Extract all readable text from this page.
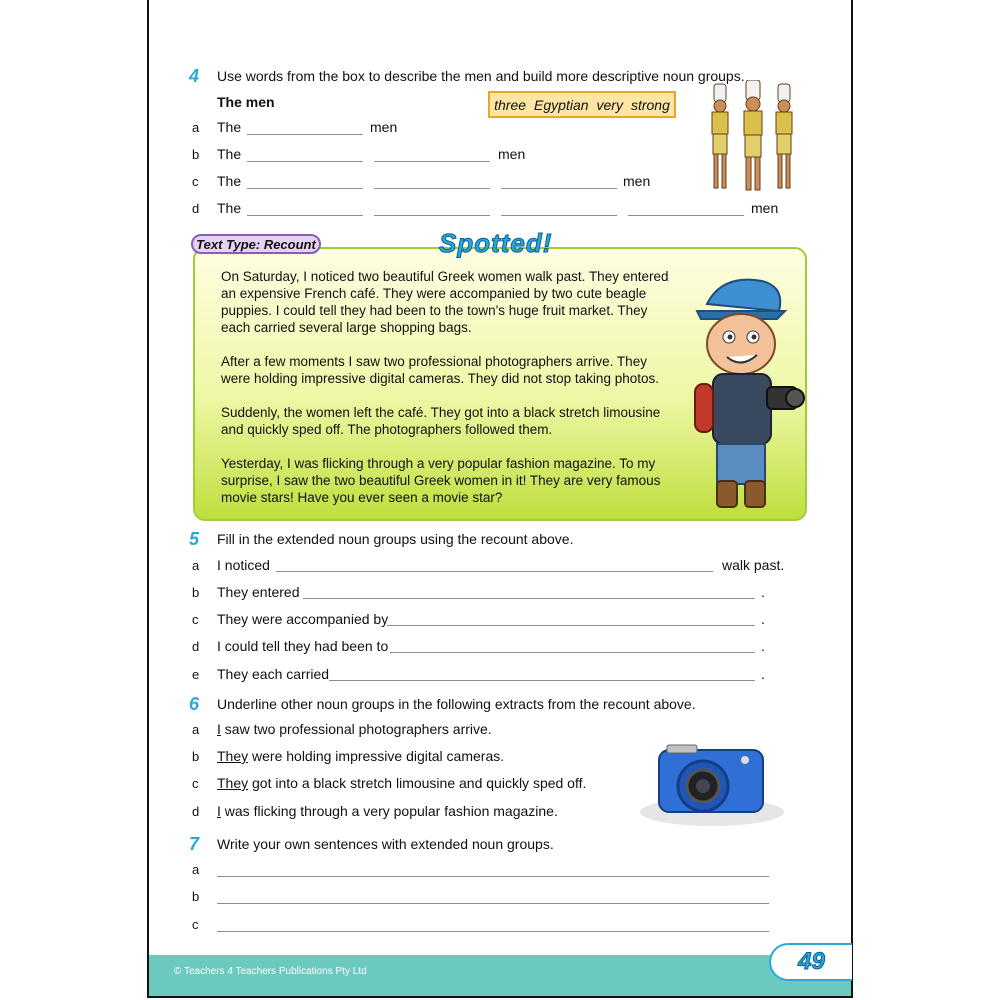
4 Use words from the box to describe the men and build more descriptive noun groups.
The men	three Egyptian very strong
a The	men
b The	men
c The	men
d The	men
On Saturday, I noticed two beautiful Greek women walk past. They entered an expensive French café. They were accompanied by two cute beagle puppies. I could tell they had been to the town's huge fruit market. They each carried several large shopping bags.
After a few moments I saw two professional photographers arrive. They were holding impressive digital cameras. They did not stop taking photos.
Suddenly, the women left the café. They got into a black stretch limousine and quickly sped off. The photographers followed them.
Yesterday, I was flicking through a very popular fashion magazine. To my surprise, I saw the two beautiful Greek women in it! They are very famous movie stars! Have you ever seen a movie star?
Text Type: Recount	Spotted!
5 Fill in the extended noun groups using the recount above.
a I noticed	walk past.
b They entered	.
c They were accompanied by	.
d I could tell they had been to	.
e They each carried	.
6 Underline other noun groups in the following extracts from the recount above.
a I saw two professional photographers arrive.
b They were holding impressive digital cameras.
c They got into a black stretch limousine and quickly sped off.
d I was flicking through a very popular fashion magazine.
7 Write your own sentences with extended noun groups.
a
b
c
© Teachers 4 Teachers Publications Pty Ltd	49
